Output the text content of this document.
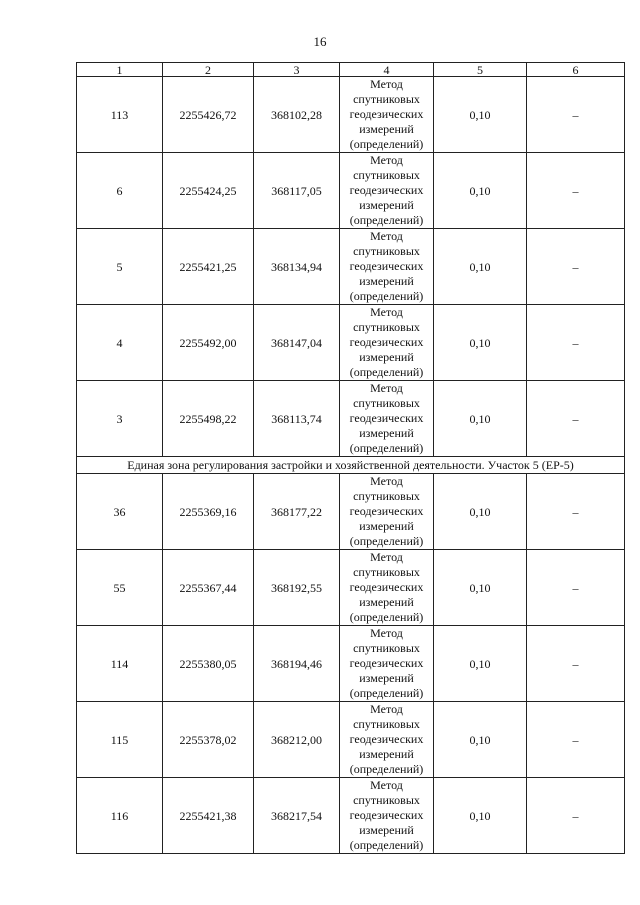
16
1	2	3	4	5	6
113	2255426,72	368102,28	Метод спутниковых геодезических измерений (определений)	0,10	–
6	2255424,25	368117,05	Метод спутниковых геодезических измерений (определений)	0,10	–
5	2255421,25	368134,94	Метод спутниковых геодезических измерений (определений)	0,10	–
4	2255492,00	368147,04	Метод спутниковых геодезических измерений (определений)	0,10	–
3	2255498,22	368113,74	Метод спутниковых геодезических измерений (определений)	0,10	–
Единая зона регулирования застройки и хозяйственной деятельности. Участок 5 (ЕР-5)					
36	2255369,16	368177,22	Метод спутниковых геодезических измерений (определений)	0,10	–
55	2255367,44	368192,55	Метод спутниковых геодезических измерений (определений)	0,10	–
114	2255380,05	368194,46	Метод спутниковых геодезических измерений (определений)	0,10	–
115	2255378,02	368212,00	Метод спутниковых геодезических измерений (определений)	0,10	–
116	2255421,38	368217,54	Метод спутниковых геодезических измерений (определений)	0,10	–
